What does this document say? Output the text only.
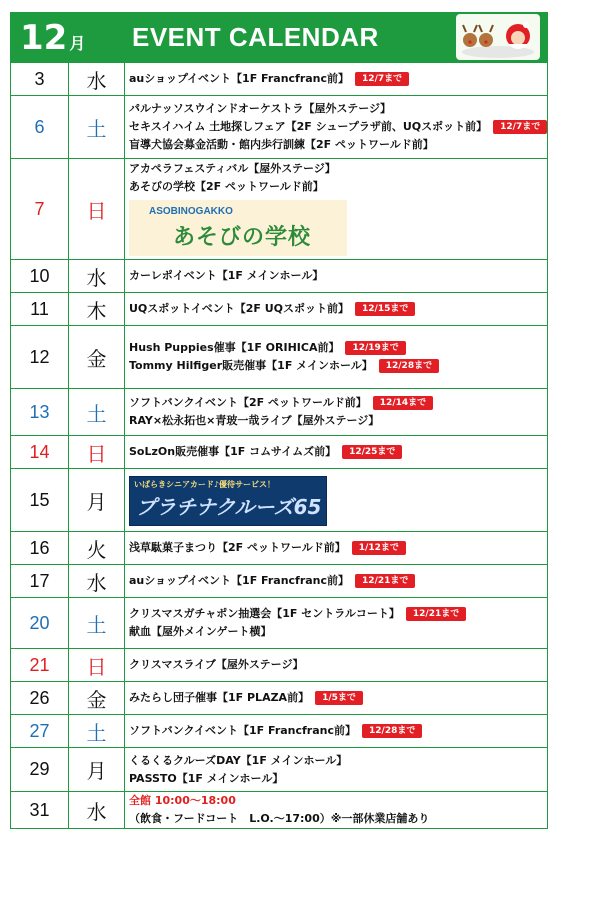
12 月 EVENT CALENDAR
3	水	auショップイベント【1F Francfranc前】 12/7まで

6	土	パルナッソスウインドオーケストラ【屋外ステージ】
セキスイハイム 土地探しフェア【2F シュープラザ前、UQスポット前】 12/7まで
盲導犬協会募金活動・館内歩行訓練【2F ペットワールド前】

7	日	アカペラフェスティバル【屋外ステージ】
あそびの学校【2F ペットワールド前】
ASOBINOGAKKO
あそびの学校

10	水	カーレポイベント【1F メインホール】

11	木	UQスポットイベント【2F UQスポット前】 12/15まで

12	金	Hush Puppies催事【1F ORIHICA前】 12/19まで
Tommy Hilfiger販売催事【1F メインホール】 12/28まで

13	土	ソフトバンクイベント【2F ペットワールド前】 12/14まで
RAY×松永拓也×青玻一哉ライブ【屋外ステージ】

14	日	SoLzOn販売催事【1F コムサイムズ前】 12/25まで

15	月	いばらきシニアカード♪優待サービス！
プラチナクルーズ65

16	火	浅草駄菓子まつり【2F ペットワールド前】 1/12まで

17	水	auショップイベント【1F Francfranc前】 12/21まで

20	土	クリスマスガチャポン抽選会【1F セントラルコート】 12/21まで
献血【屋外メインゲート横】

21	日	クリスマスライブ【屋外ステージ】

26	金	みたらし団子催事【1F PLAZA前】 1/5まで

27	土	ソフトバンクイベント【1F Francfranc前】 12/28まで

29	月	くるくるクルーズDAY【1F メインホール】
PASSTO【1F メインホール】

31	水	全館 10:00～18:00
（飲食・フードコート　L.O.～17:00）※一部休業店舗あり
